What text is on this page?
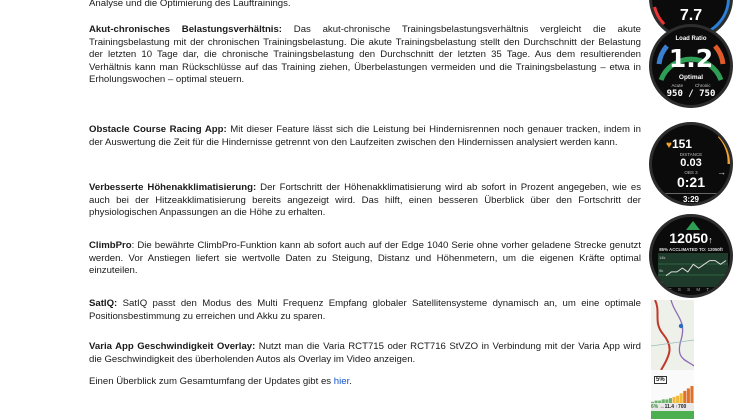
Analyse und die Optimierung des Lauftrainings.

Akut-chronisches Belastungsverhältnis: Das akut-chronische Trainingsbelastungsverhältnis vergleicht die akute Trainingsbelastung mit der chronischen Trainingsbelastung. Die akute Trainingsbelastung stellt den Durchschnitt der Belastung der letzten 10 Tage dar, die chronische Trainingsbelastung den Durchschnitt der letzten 35 Tage. Aus dem resultierenden Verhältnis kann man Rückschlüsse auf das Training ziehen, Überbelastungen vermeiden und die Trainingsbelastung – etwa in Erholungswochen – optimal steuern.

Obstacle Course Racing App: Mit dieser Feature lässt sich die Leistung bei Hindernisrennen noch genauer tracken, indem in der Auswertung die Zeit für die Hindernisse getrennt von den Laufzeiten zwischen den Hindernissen analysiert werden kann.

Verbesserte Höhenakklimatisierung: Der Fortschritt der Höhenakklimatisierung wird ab sofort in Prozent angegeben, wie es auch bei der Hitzeakklimatisierung bereits angezeigt wird. Das hilft, einen besseren Überblick über den Fortschritt der physiologischen Anpassungen an die Höhe zu erhalten.

ClimbPro: Die bewährte ClimbPro-Funktion kann ab sofort auch auf der Edge 1040 Serie ohne vorher geladene Strecke genutzt werden. Vor Anstiegen liefert sie wertvolle Daten zu Steigung, Distanz und Höhenmetern, um die eigenen Kräfte optimal einzuteilen.

SatIQ: SatIQ passt den Modus des Multi Frequenz Empfang globaler Satellitensysteme dynamisch an, um eine optimale Positionsbestimmung zu erreichen und Akku zu sparen.

Varia App Geschwindigkeit Overlay: Nutzt man die Varia RCT715 oder RCT716 StVZO in Verbindung mit der Varia App wird die Geschwindigkeit des überholenden Autos als Overlay im Video anzeigen.

Einen Überblick zum Gesamtumfang der Updates gibt es hier.

7.7
Load Ratio
1.2
Optimal
Acute	Chronic
950 / 750
♥151
DISTANCE
0.03
OBS 3
0:21
3:29
→
12050↑
85% ACCLIMATED TO: 12050ft
14k
9k
5k
T F S S M T W
5%
6% ↔11.4 ↑700
